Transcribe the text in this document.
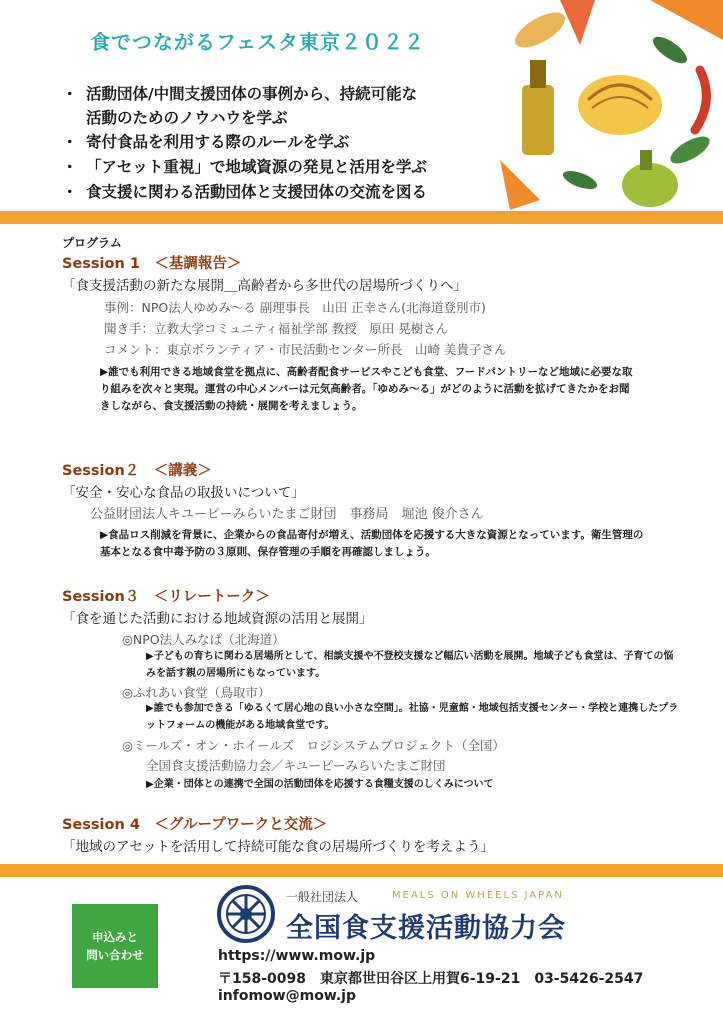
食でつながるフェスタ東京２０２２
・ 活動団体/中間支援団体の事例から、持続可能な
活動のためのノウハウを学ぶ
・ 寄付食品を利用する際のルールを学ぶ
・ 「アセット重視」で地域資源の発見と活用を学ぶ
・ 食支援に関わる活動団体と支援団体の交流を図る
プログラム
Session 1　＜基調報告＞
「食支援活動の新たな展開＿高齢者から多世代の居場所づくりへ」
事例：NPO法人ゆめみ～る 副理事長　山田 正幸さん(北海道登別市)
聞き手：立教大学コミュニティ福祉学部 教授　原田 晃樹さん
コメント：東京ボランティア・市民活動センター所長　山崎 美貴子さん
▶誰でも利用できる地域食堂を拠点に、高齢者配食サービスやこども食堂、フードパントリーなど地域に必要な取り組みを次々と実現。運営の中心メンバーは元気高齢者。「ゆめみ～る」がどのように活動を拡げてきたかをお聞きしながら、食支援活動の持続・展開を考えましょう。
Session２　＜講義＞
「安全・安心な食品の取扱いについて」
公益財団法人キユーピーみらいたまご財団　事務局　堀池 俊介さん
▶食品ロス削減を背景に、企業からの食品寄付が増え、活動団体を応援する大きな資源となっています。衛生管理の基本となる食中毒予防の３原則、保存管理の手順を再確認しましょう。
Session３　＜リレートーク＞
「食を通じた活動における地域資源の活用と展開」
◎NPO法人みなぱ（北海道）
▶子どもの育ちに関わる居場所として、相談支援や不登校支援など幅広い活動を展開。地域子ども食堂は、子育ての悩みを話す親の居場所にもなっています。
◎ふれあい食堂（鳥取市）
▶誰でも参加できる「ゆるくて居心地の良い小さな空間」。社協・児童館・地域包括支援センター・学校と連携したプラットフォームの機能がある地域食堂です。
◎ミールズ・オン・ホイールズ　ロジシステムプロジェクト（全国）
全国食支援活動協力会／キユーピーみらいたまご財団
▶企業・団体との連携で全国の活動団体を応援する食糧支援のしくみについて
Session 4　＜グループワークと交流＞
「地域のアセットを活用して持続可能な食の居場所づくりを考えよう」
申込みと
問い合わせ
一般社団法人	MEALS ON WHEELS JAPAN
全国食支援活動協力会
https://www.mow.jp
〒158-0098　東京都世田谷区上用賀6-19-21　03-5426-2547
infomow@mow.jp
